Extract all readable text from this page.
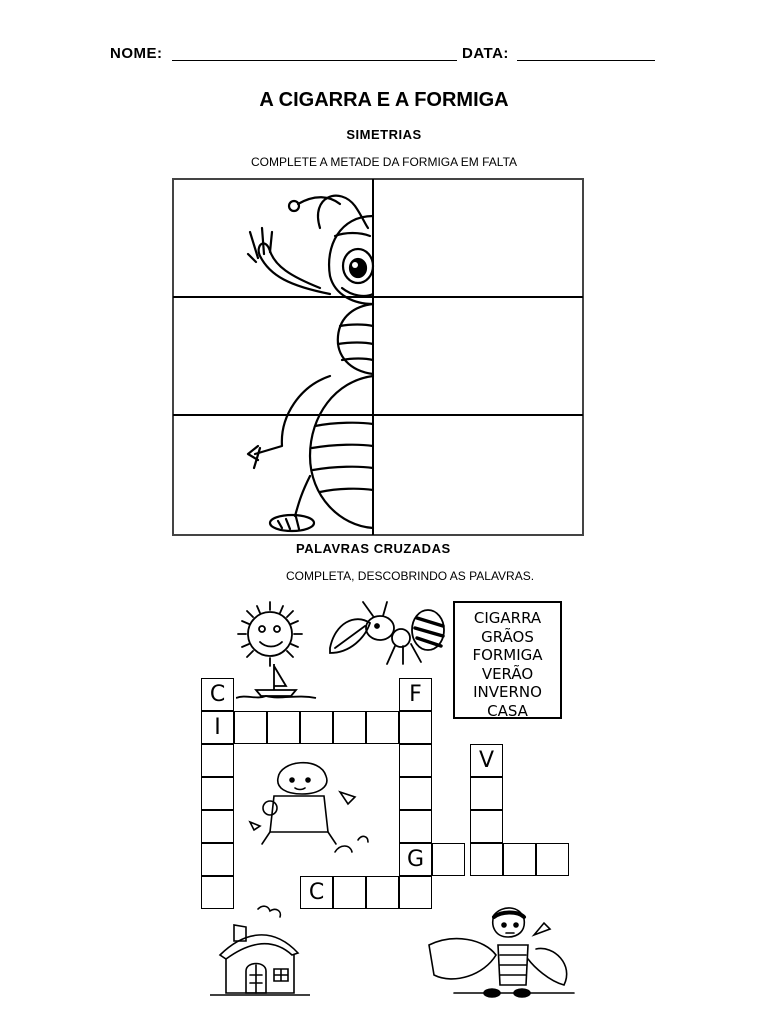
NOME:	DATA:
A CIGARRA E A FORMIGA
SIMETRIAS
COMPLETE A METADE DA FORMIGA EM FALTA
PALAVRAS CRUZADAS
COMPLETA, DESCOBRINDO AS PALAVRAS.
CIGARRA
GRÃOS
FORMIGA
VERÃO
INVERNO
CASA
C
I
F
G
V
C
